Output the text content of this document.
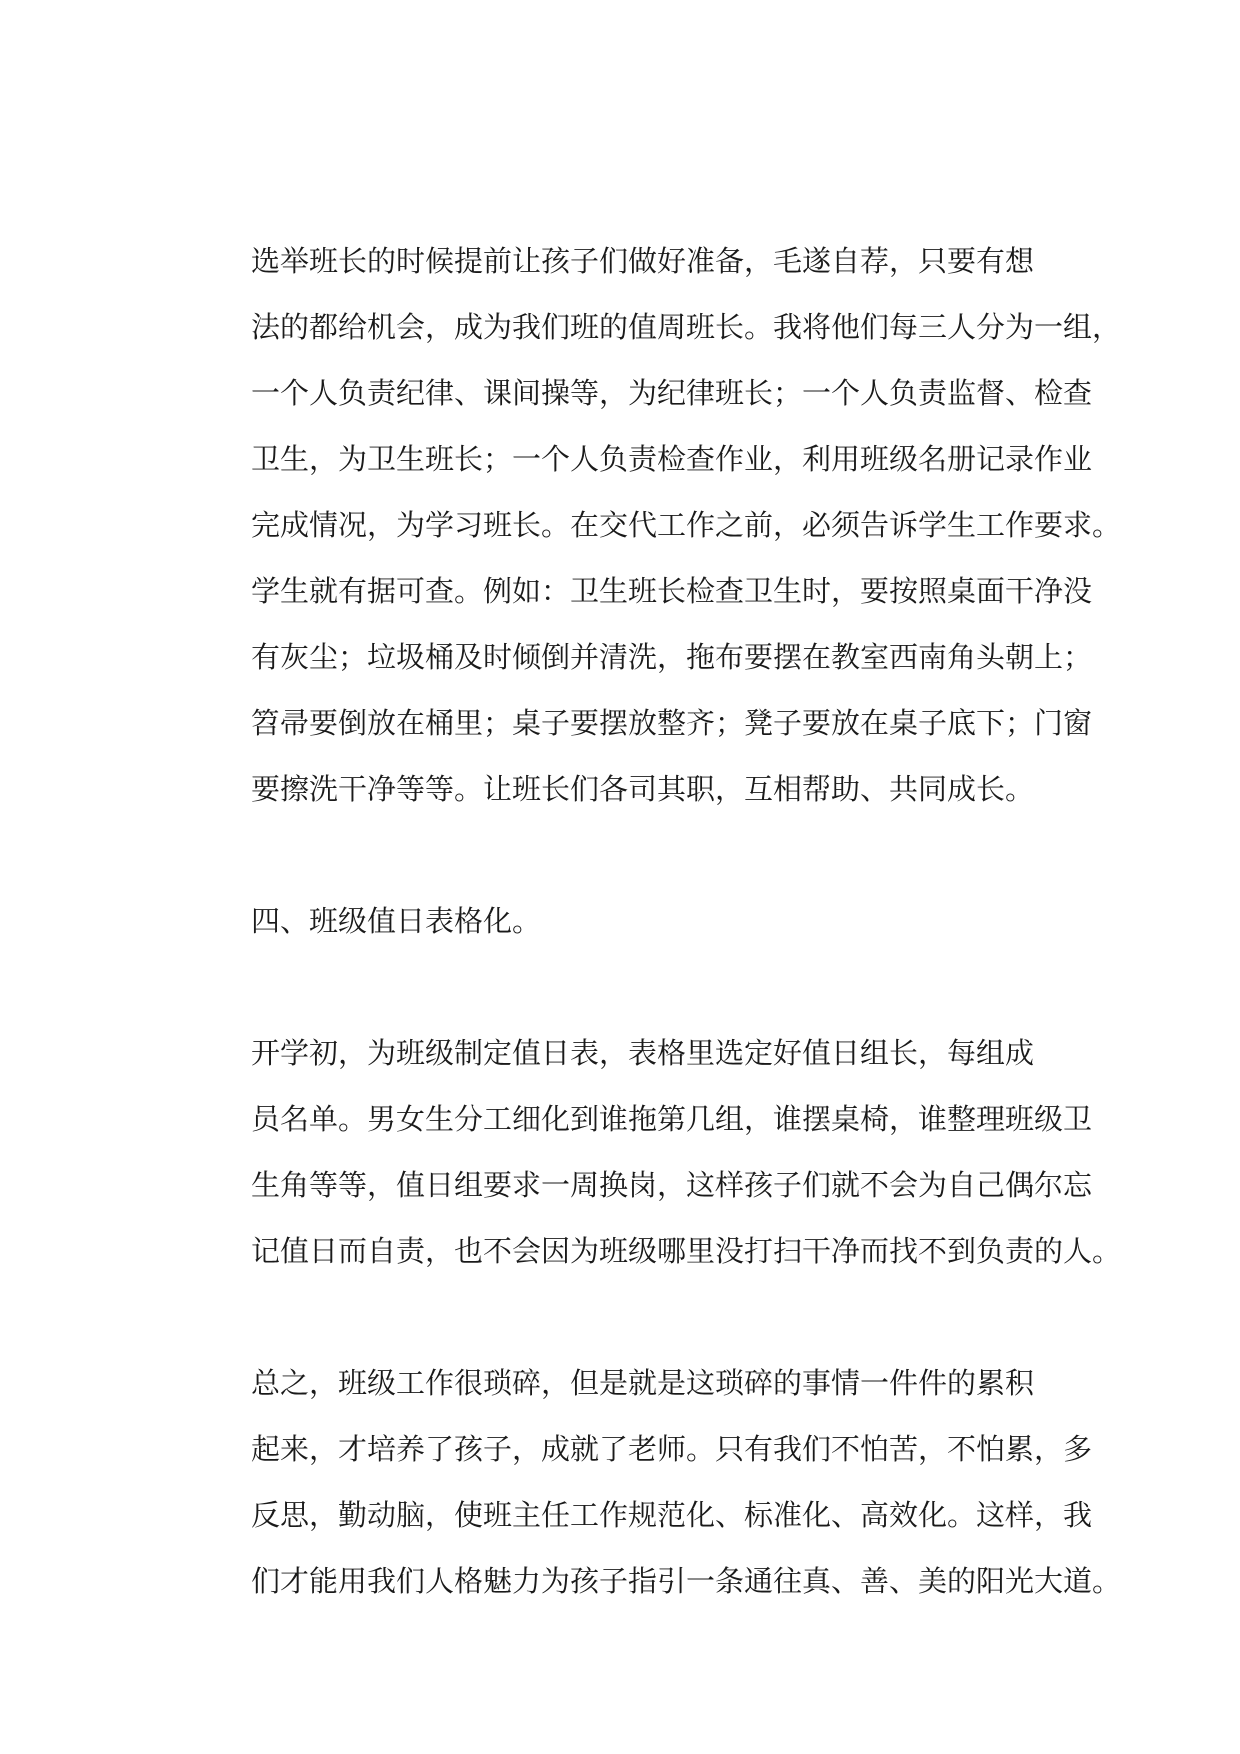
选举班长的时候提前让孩子们做好准备，毛遂自荐，只要有想
法的都给机会，成为我们班的值周班长。我将他们每三人分为一组，
一个人负责纪律、课间操等，为纪律班长；一个人负责监督、检查
卫生，为卫生班长；一个人负责检查作业，利用班级名册记录作业
完成情况，为学习班长。在交代工作之前，必须告诉学生工作要求。
学生就有据可查。例如：卫生班长检查卫生时，要按照桌面干净没
有灰尘；垃圾桶及时倾倒并清洗，拖布要摆在教室西南角头朝上；
笤帚要倒放在桶里；桌子要摆放整齐；凳子要放在桌子底下；门窗
要擦洗干净等等。让班长们各司其职，互相帮助、共同成长。

四、班级值日表格化。

开学初，为班级制定值日表，表格里选定好值日组长，每组成
员名单。男女生分工细化到谁拖第几组，谁摆桌椅，谁整理班级卫
生角等等，值日组要求一周换岗，这样孩子们就不会为自己偶尔忘
记值日而自责，也不会因为班级哪里没打扫干净而找不到负责的人。

总之，班级工作很琐碎，但是就是这琐碎的事情一件件的累积
起来，才培养了孩子，成就了老师。只有我们不怕苦，不怕累，多
反思，勤动脑，使班主任工作规范化、标准化、高效化。这样，我
们才能用我们人格魅力为孩子指引一条通往真、善、美的阳光大道。
